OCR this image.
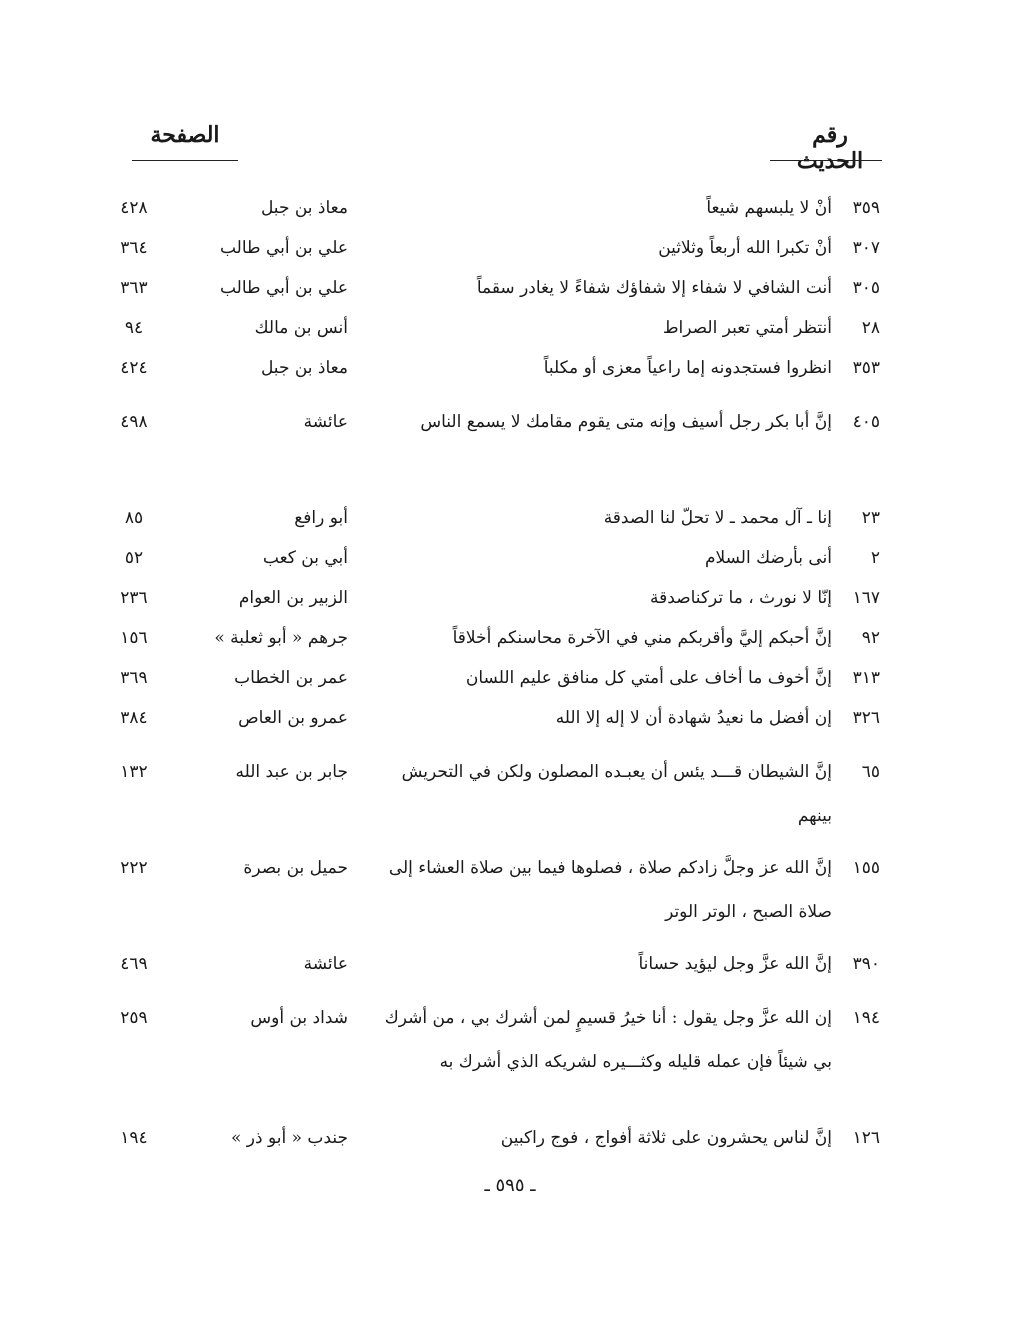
رقم الحديث
الصفحة
٣٥٩
أنْ لا يلبسهم شيعاً
معاذ بن جبل
٤٢٨
٣٠٧
أنْ تكبرا الله أربعاً وثلاثين
علي بن أبي طالب
٣٦٤
٣٠٥
أنت الشافي لا شفاء إلا شفاؤك شفاءً لا يغادر سقماً
علي بن أبي طالب
٣٦٣
٢٨
أنتظر أمتي تعبر الصراط
أنس بن مالك
٩٤
٣٥٣
انظروا فستجدونه إما راعياً معزى أو مكلباً
معاذ بن جبل
٤٢٤
٤٠٥
إنَّ أبا بكر رجل أسيف وإنه متى يقوم مقامك لا يسمع الناس
عائشة
٤٩٨
٢٣
إنا ـ آل محمد ـ لا تحلّ لنا الصدقة
أبو رافع
٨٥
٢
أنى بأرضك السلام
أبي بن كعب
٥٢
١٦٧
إنّا لا نورث ، ما تركناصدقة
الزبير بن العوام
٢٣٦
٩٢
إنَّ أحبكم إليَّ وأقربكم مني في الآخرة محاسنكم أخلاقاً
جرهم « أبو ثعلبة »
١٥٦
٣١٣
إنَّ أخوف ما أخاف على أمتي كل منافق عليم اللسان
عمر بن الخطاب
٣٦٩
٣٢٦
إن أفضل ما نعيدُ شهادة أن لا إله إلا الله
عمرو بن العاص
٣٨٤
٦٥
إنَّ الشيطان قـــد يئس أن يعبـده المصلون ولكن في التحريش بينهم
جابر بن عبد الله
١٣٢
١٥٥
إنَّ الله عز وجلَّ زادكم صلاة ، فصلوها فيما بين صلاة العشاء إلى صلاة الصبح ، الوتر الوتر
حميل بن بصرة
٢٢٢
٣٩٠
إنَّ الله عزَّ وجل ليؤيد حساناً
عائشة
٤٦٩
١٩٤
إن الله عزَّ وجل يقول : أنا خيرُ قسيمٍ لمن أشرك بي ، من أشرك بي شيئاً فإن عمله قليله وكثـــيره لشريكه الذي أشرك به
شداد بن أوس
٢٥٩
١٢٦
إنَّ لناس يحشرون على ثلاثة أفواج ، فوج راكبين
جندب « أبو ذر »
١٩٤
ـ ٥٩٥ ـ
